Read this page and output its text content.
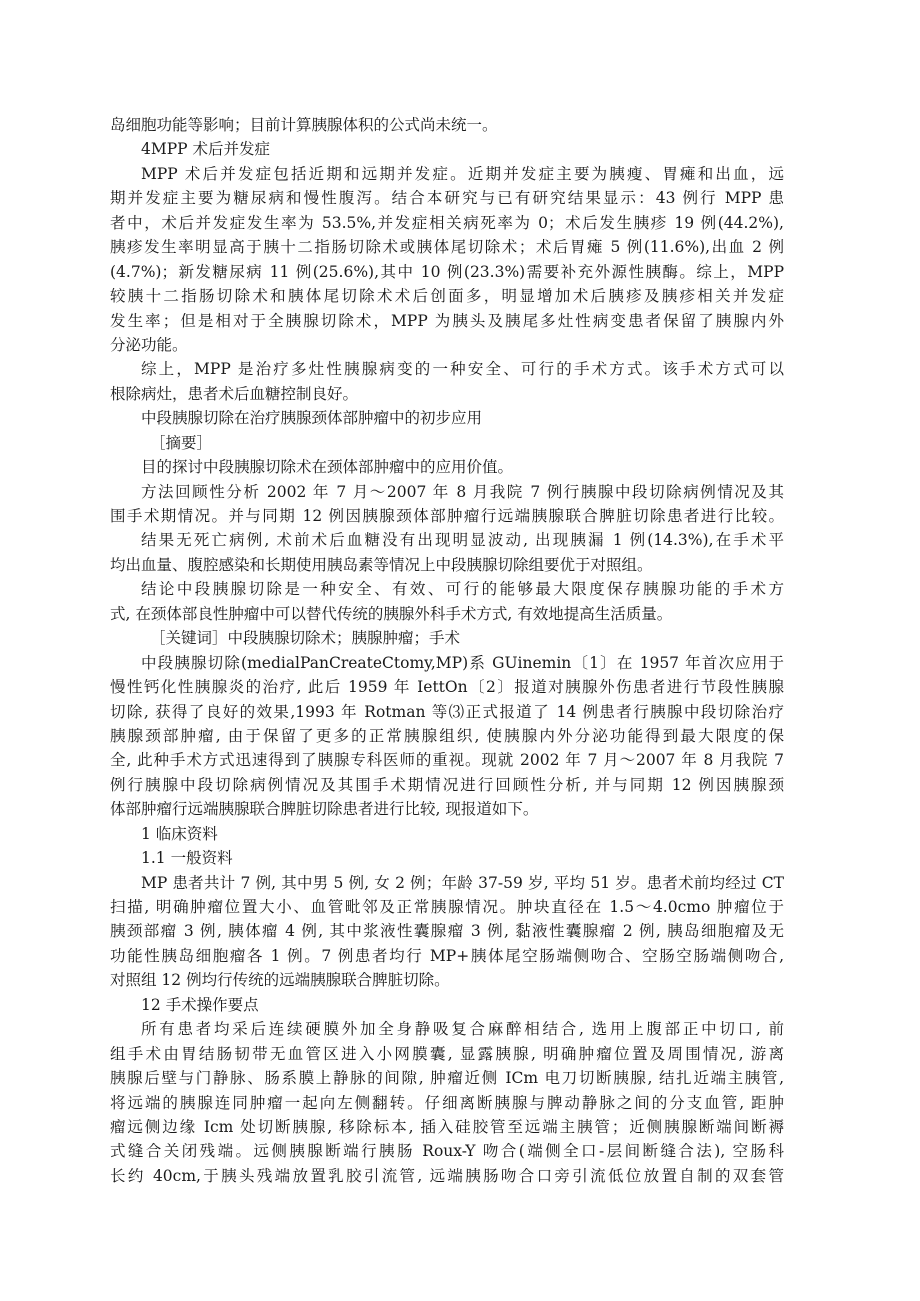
岛细胞功能等影响；目前计算胰腺体积的公式尚未统一。
4MPP 术后并发症
MPP 术后并发症包括近期和远期并发症。近期并发症主要为胰瘦、胃瘫和出血，远
期并发症主要为糖尿病和慢性腹泻。结合本研究与已有研究结果显示：43 例行 MPP 患
者中，术后并发症发生率为 53.5%,并发症相关病死率为 0；术后发生胰疹 19 例(44.2%),
胰疹发生率明显高于胰十二指肠切除术或胰体尾切除术；术后胃瘫 5 例(11.6%),出血 2 例
(4.7%)；新发糖尿病 11 例(25.6%),其中 10 例(23.3%)需要补充外源性胰酶。综上，MPP
较胰十二指肠切除术和胰体尾切除术术后创面多，明显增加术后胰疹及胰疹相关并发症
发生率；但是相对于全胰腺切除术，MPP 为胰头及胰尾多灶性病变患者保留了胰腺内外
分泌功能。
综上，MPP 是治疗多灶性胰腺病变的一种安全、可行的手术方式。该手术方式可以
根除病灶，患者术后血糖控制良好。
中段胰腺切除在治疗胰腺颈体部肿瘤中的初步应用
［摘要］
目的探讨中段胰腺切除术在颈体部肿瘤中的应用价值。
方法回顾性分析 2002 年 7 月～2007 年 8 月我院 7 例行胰腺中段切除病例情况及其
围手术期情况。并与同期 12 例因胰腺颈体部肿瘤行远端胰腺联合脾脏切除患者进行比较。
结果无死亡病例, 术前术后血糖没有出现明显波动, 出现胰漏 1 例(14.3%),在手术平
均出血量、腹腔感染和长期使用胰岛素等情况上中段胰腺切除组要优于对照组。
结论中段胰腺切除是一种安全、有效、可行的能够最大限度保存胰腺功能的手术方
式, 在颈体部良性肿瘤中可以替代传统的胰腺外科手术方式, 有效地提高生活质量。
［关键词］中段胰腺切除术；胰腺肿瘤；手术
中段胰腺切除(medialPanCreateCtomy,MP)系 GUinemin〔1〕在 1957 年首次应用于
慢性钙化性胰腺炎的治疗, 此后 1959 年 IettOn〔2〕报道对胰腺外伤患者进行节段性胰腺
切除, 获得了良好的效果,1993 年 Rotman 等⑶正式报道了 14 例患者行胰腺中段切除治疗
胰腺颈部肿瘤, 由于保留了更多的正常胰腺组织, 使胰腺内外分泌功能得到最大限度的保
全, 此种手术方式迅速得到了胰腺专科医师的重视。现就 2002 年 7 月～2007 年 8 月我院 7
例行胰腺中段切除病例情况及其围手术期情况进行回顾性分析, 并与同期 12 例因胰腺颈
体部肿瘤行远端胰腺联合脾脏切除患者进行比较, 现报道如下。
1 临床资料
1.1 一般资料
MP 患者共计 7 例, 其中男 5 例, 女 2 例；年龄 37-59 岁, 平均 51 岁。患者术前均经过 CT
扫描, 明确肿瘤位置大小、血管毗邻及正常胰腺情况。肿块直径在 1.5～4.0cmo 肿瘤位于
胰颈部瘤 3 例, 胰体瘤 4 例, 其中浆液性囊腺瘤 3 例, 黏液性囊腺瘤 2 例, 胰岛细胞瘤及无
功能性胰岛细胞瘤各 1 例。7 例患者均行 MP+胰体尾空肠端侧吻合、空肠空肠端侧吻合,
对照组 12 例均行传统的远端胰腺联合脾脏切除。
12 手术操作要点
所有患者均采后连续硬膜外加全身静吸复合麻醉相结合, 选用上腹部正中切口, 前
组手术由胃结肠韧带无血管区进入小网膜囊, 显露胰腺, 明确肿瘤位置及周围情况, 游离
胰腺后壁与门静脉、肠系膜上静脉的间隙, 肿瘤近侧 ICm 电刀切断胰腺, 结扎近端主胰管,
将远端的胰腺连同肿瘤一起向左侧翻转。仔细离断胰腺与脾动静脉之间的分支血管, 距肿
瘤远侧边缘 Icm 处切断胰腺, 移除标本, 插入硅胶管至远端主胰管；近侧胰腺断端间断褥
式缝合关闭残端。远侧胰腺断端行胰肠 Roux-Y 吻合(端侧全口-层间断缝合法), 空肠科
长约 40cm,于胰头残端放置乳胶引流管, 远端胰肠吻合口旁引流低位放置自制的双套管
